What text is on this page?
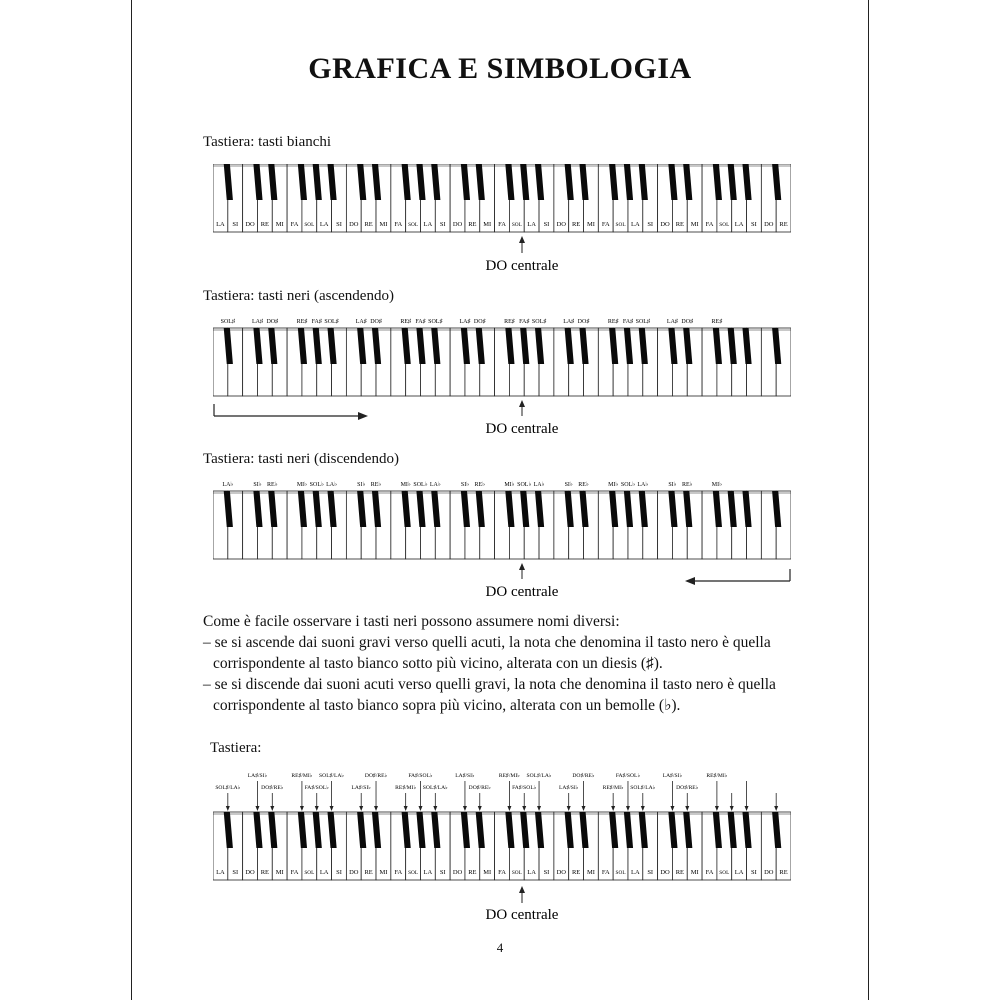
GRAFICA E SIMBOLOGIA
Tastiera: tasti bianchi
LA SI DO RE MI FA SOL LA SI DO RE MI FA SOL LA SI DO RE MI FA SOL LA SI DO RE MI FA SOL LA SI DO RE MI FA SOL LA SI DO RE
DO centrale
Tastiera: tasti neri (ascendendo)
SOL♯	LA♯ DO♯	RE♯ FA♯ SOL♯	LA♯ DO♯	RE♯ FA♯ SOL♯	LA♯ DO♯	RE♯ FA♯ SOL♯	LA♯ DO♯	RE♯ FA♯ SOL♯	LA♯ DO♯	RE♯
DO centrale
Tastiera: tasti neri (discendendo)
LA♭	SI♭ RE♭	MI♭ SOL♭ LA♭	SI♭ RE♭	MI♭ SOL♭ LA♭	SI♭ RE♭	MI♭ SOL♭ LA♭	SI♭ RE♭	MI♭ SOL♭ LA♭	SI♭ RE♭	MI♭
DO centrale

Come è facile osservare i tasti neri possono assumere nomi diversi:

– se si ascende dai suoni gravi verso quelli acuti, la nota che denomina il tasto nero è quella corrispondente al tasto bianco sotto più vicino, alterata con un diesis (♯).

– se si discende dai suoni acuti verso quelli gravi, la nota che denomina il tasto nero è quella corrispondente al tasto bianco sopra più vicino, alterata con un bemolle (♭).

Tastiera:
SOL♯/LA♭
LA♯/SI♭
DO♯/RE♭
RE♯/MI♭
FA♯/SOL♭
SOL♯/LA♭
LA♯/SI♭
DO♯/RE♭
RE♯/MI♭
FA♯/SOL♭
SOL♯/LA♭
LA♯/SI♭
DO♯/RE♭
RE♯/MI♭
FA♯/SOL♭
SOL♯/LA♭
LA♯/SI♭
DO♯/RE♭
RE♯/MI♭
FA♯/SOL♭
SOL♯/LA♭
LA♯/SI♭
DO♯/RE♭
RE♯/MI♭
LA SI DO RE MI FA SOL LA SI DO RE MI FA SOL LA SI DO RE MI FA SOL LA SI DO RE MI FA SOL LA SI DO RE MI FA SOL LA SI DO RE
DO centrale
4
